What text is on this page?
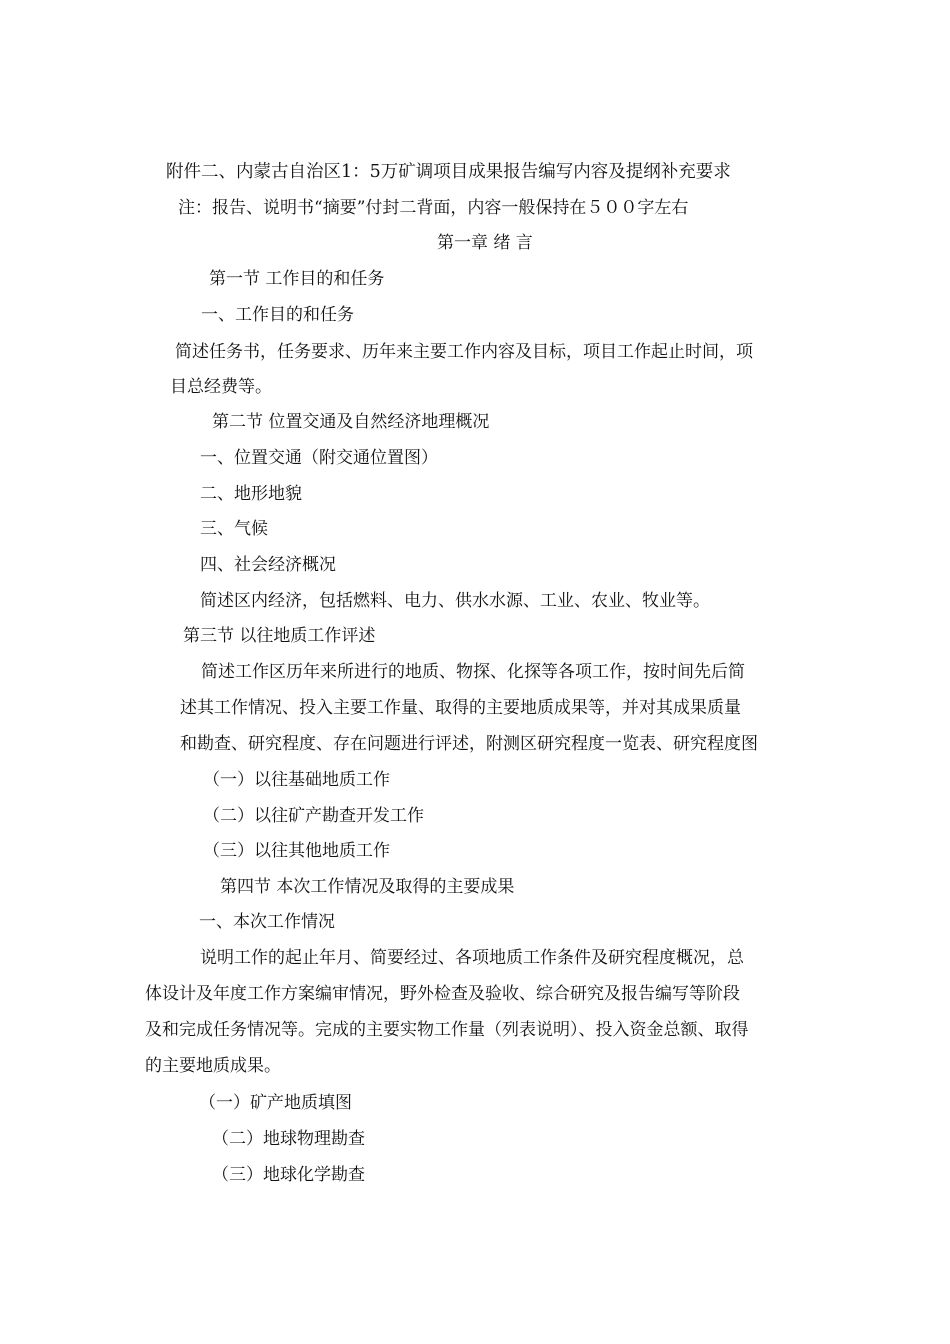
附件二、内蒙古自治区1：5万矿调项目成果报告编写内容及提纲补充要求
注：报告、说明书“摘要”付封二背面，内容一般保持在５００字左右
第一章 绪 言
第一节 工作目的和任务
一、工作目的和任务
简述任务书，任务要求、历年来主要工作内容及目标，项目工作起止时间，项
目总经费等。
第二节 位置交通及自然经济地理概况
一、位置交通（附交通位置图）
二、地形地貌
三、气候
四、社会经济概况
简述区内经济，包括燃料、电力、供水水源、工业、农业、牧业等。
第三节 以往地质工作评述
简述工作区历年来所进行的地质、物探、化探等各项工作，按时间先后简
述其工作情况、投入主要工作量、取得的主要地质成果等，并对其成果质量
和勘查、研究程度、存在问题进行评述，附测区研究程度一览表、研究程度图
（一）以往基础地质工作
（二）以往矿产勘查开发工作
（三）以往其他地质工作
第四节 本次工作情况及取得的主要成果
一、本次工作情况
说明工作的起止年月、简要经过、各项地质工作条件及研究程度概况，总
体设计及年度工作方案编审情况，野外检查及验收、综合研究及报告编写等阶段
及和完成任务情况等。完成的主要实物工作量（列表说明）、投入资金总额、取得
的主要地质成果。
（一）矿产地质填图
（二）地球物理勘查
（三）地球化学勘查
